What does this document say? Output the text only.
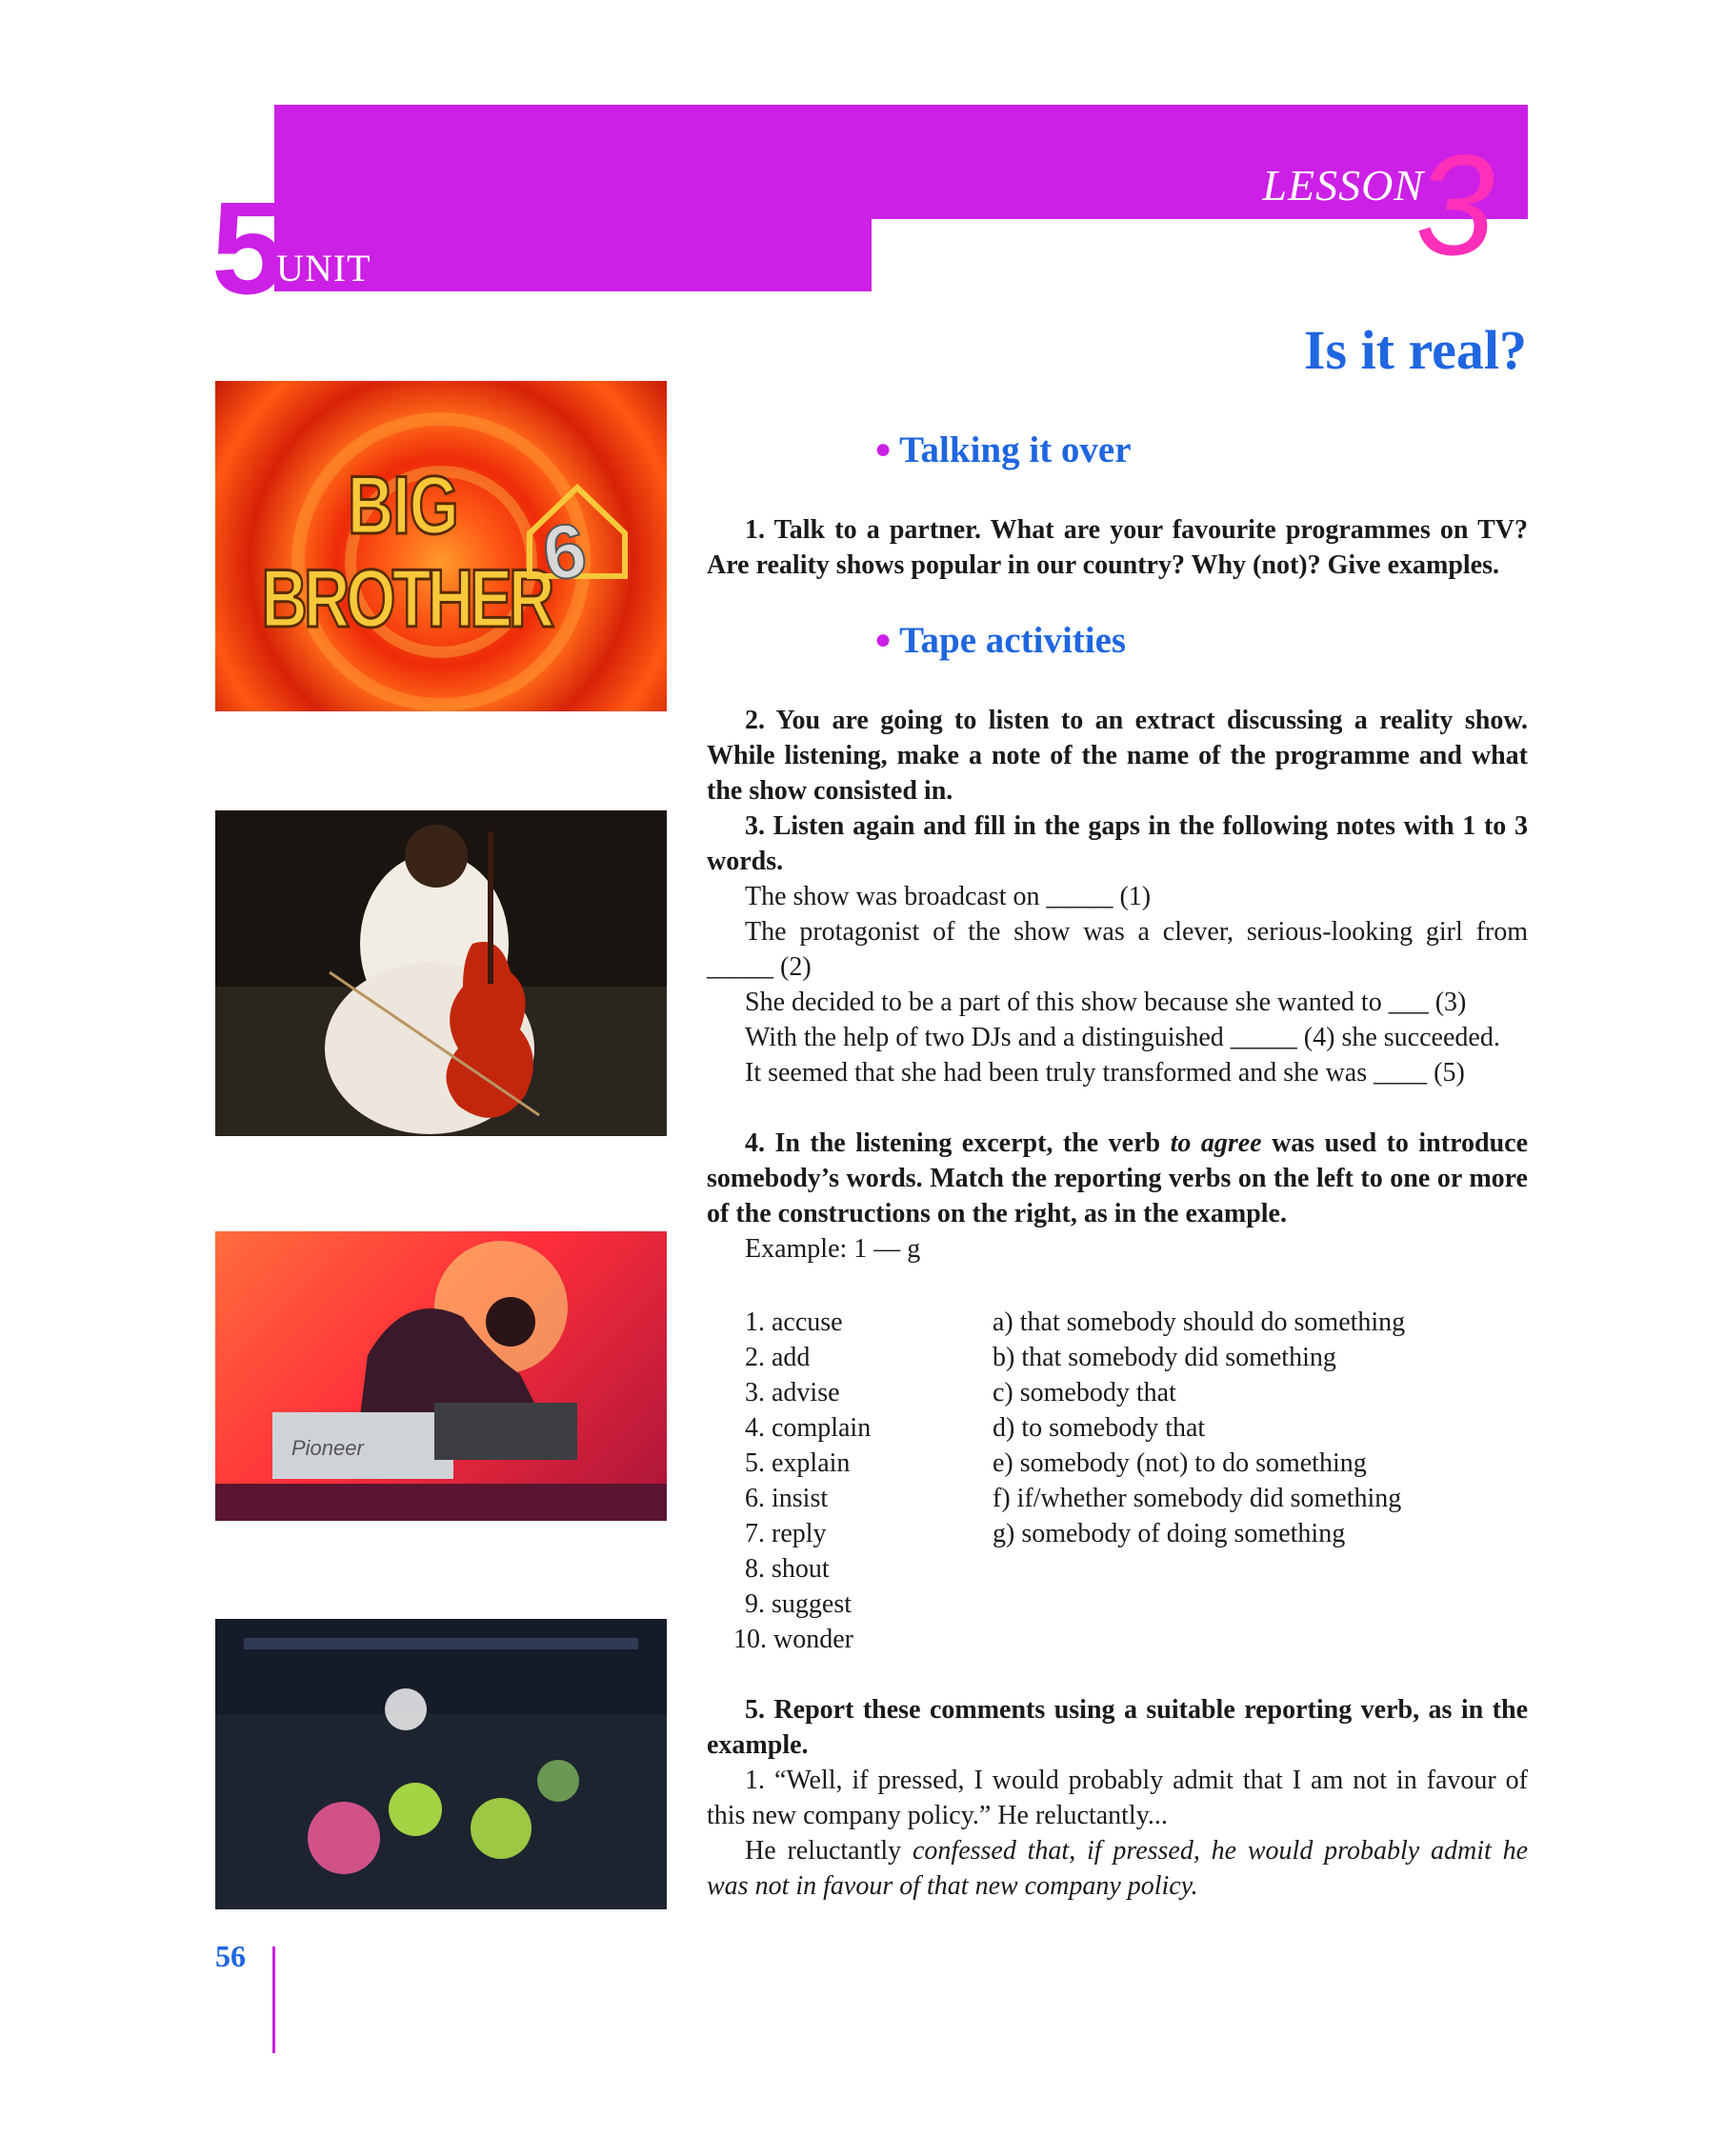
5
UNIT
LESSON
3
Is it real?
BIG
BROTHER
6
Pioneer
● Talking it over
1. Talk to a partner. What are your favourite programmes on TV? Are reality shows popular in our country? Why (not)? Give examples.
● Tape activities
2. You are going to listen to an extract discussing a reality show. While listening, make a note of the name of the programme and what the show consisted in.
3. Listen again and fill in the gaps in the following notes with 1 to 3 words.
The show was broadcast on _____ (1)
The protagonist of the show was a clever, serious-looking girl from _____ (2)
She decided to be a part of this show because she wanted to ___ (3)
With the help of two DJs and a distinguished _____ (4) she succeeded.
It seemed that she had been truly transformed and she was ____ (5)
4. In the listening excerpt, the verb to agree was used to introduce somebody’s words. Match the reporting verbs on the left to one or more of the constructions on the right, as in the example.
Example: 1 — g
1. accuse
2. add
3. advise
4. complain
5. explain
6. insist
7. reply
8. shout
9. suggest
10. wonder
a) that somebody should do something
b) that somebody did something
c) somebody that
d) to somebody that
e) somebody (not) to do something
f) if/whether somebody did something
g) somebody of doing something
5. Report these comments using a suitable reporting verb, as in the example.
1. “Well, if pressed, I would probably admit that I am not in favour of this new company policy.” He reluctantly...
He reluctantly confessed that, if pressed, he would probably admit he was not in favour of that new company policy.
56
